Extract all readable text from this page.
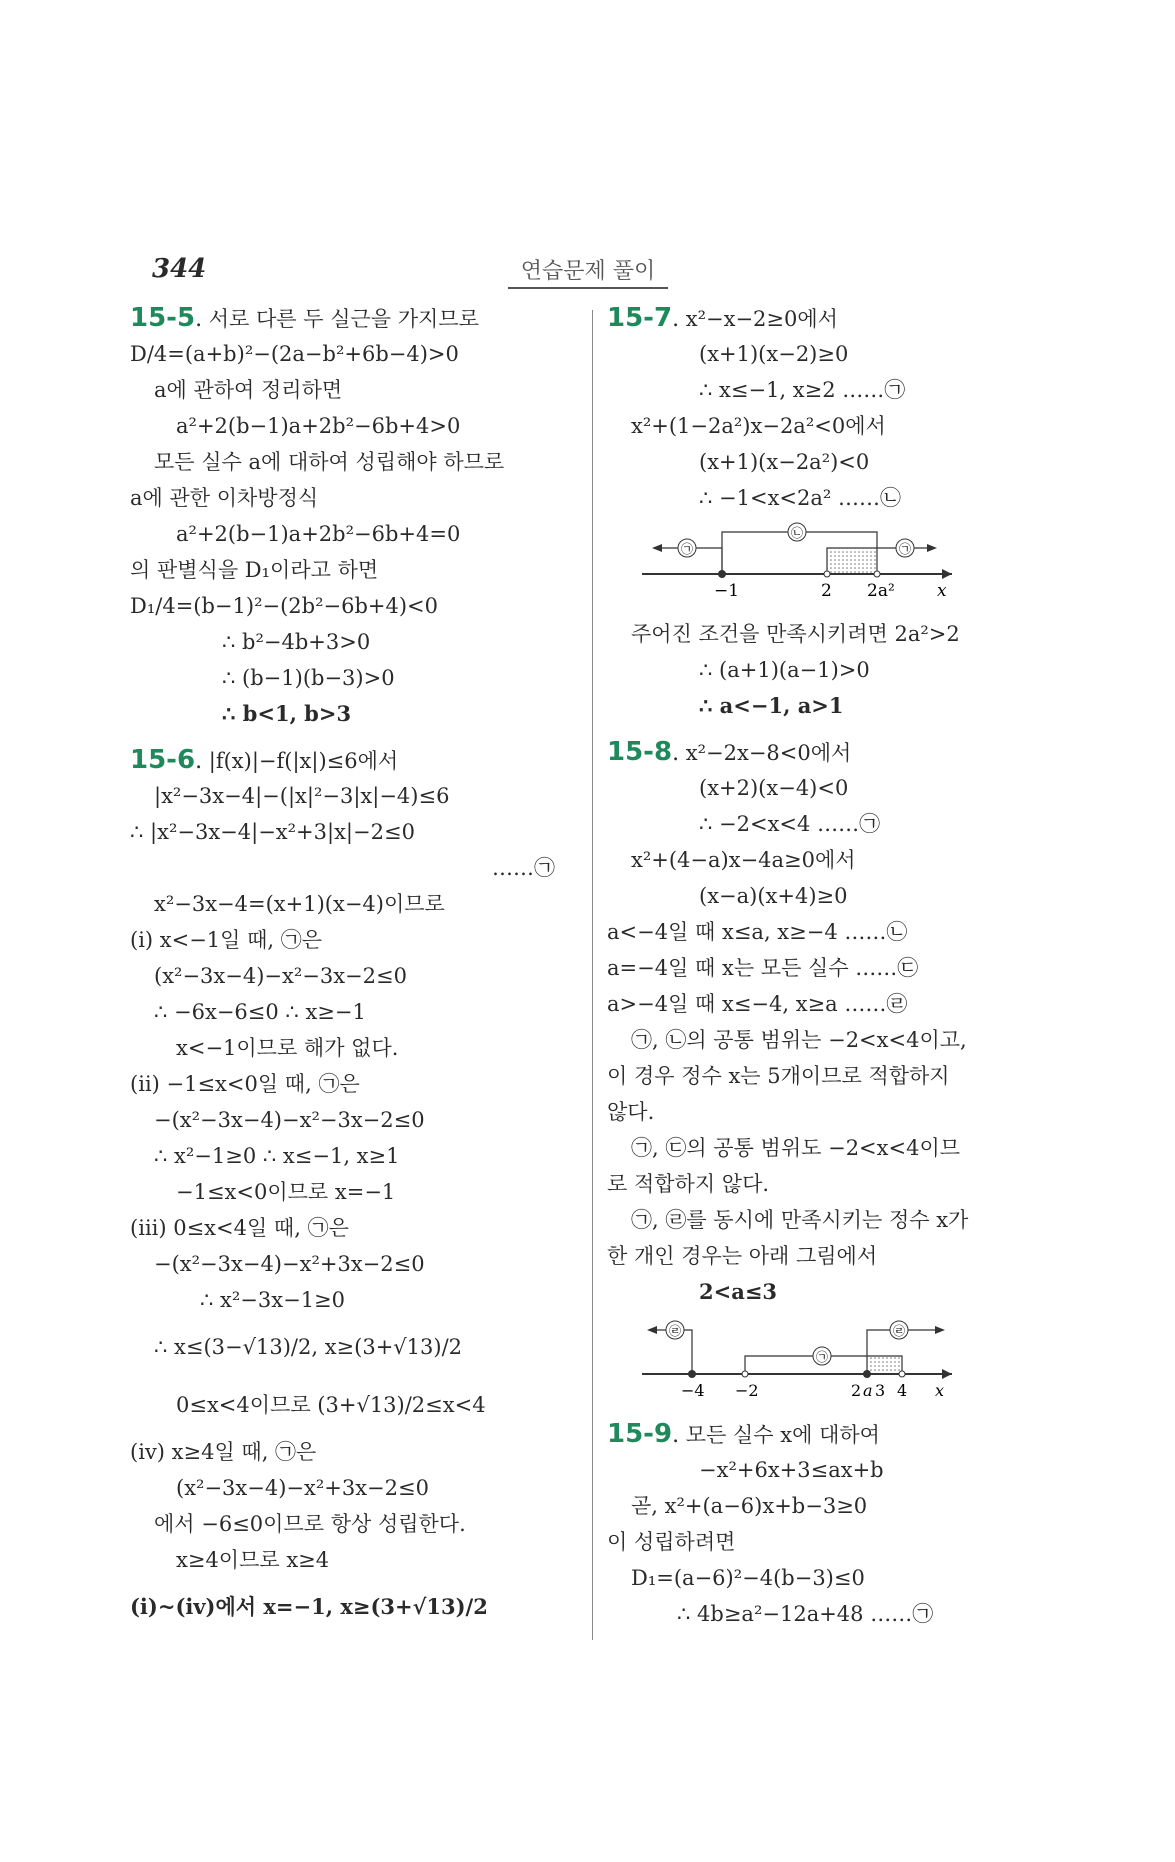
344	연습문제 풀이
15-5. 서로 다른 두 실근을 가지므로
D/4=(a+b)²−(2a−b²+6b−4)>0
a에 관하여 정리하면
a²+2(b−1)a+2b²−6b+4>0
모든 실수 a에 대하여 성립해야 하므로
a에 관한 이차방정식
a²+2(b−1)a+2b²−6b+4=0
의 판별식을 D₁이라고 하면
D₁/4=(b−1)²−(2b²−6b+4)<0
∴ b²−4b+3>0
∴ (b−1)(b−3)>0
∴ b<1, b>3
15-6. |f(x)|−f(|x|)≤6에서
|x²−3x−4|−(|x|²−3|x|−4)≤6
∴ |x²−3x−4|−x²+3|x|−2≤0
……㉠
x²−3x−4=(x+1)(x−4)이므로
(ⅰ) x<−1일 때, ㉠은
(x²−3x−4)−x²−3x−2≤0
∴ −6x−6≤0 ∴ x≥−1
x<−1이므로 해가 없다.
(ⅱ) −1≤x<0일 때, ㉠은
−(x²−3x−4)−x²−3x−2≤0
∴ x²−1≥0 ∴ x≤−1, x≥1
−1≤x<0이므로 x=−1
(ⅲ) 0≤x<4일 때, ㉠은
−(x²−3x−4)−x²+3x−2≤0
∴ x²−3x−1≥0
∴ x≤(3−√13)/2, x≥(3+√13)/2
0≤x<4이므로 (3+√13)/2≤x<4
(ⅳ) x≥4일 때, ㉠은
(x²−3x−4)−x²+3x−2≤0
에서 −6≤0이므로 항상 성립한다.
x≥4이므로 x≥4
(ⅰ)~(ⅳ)에서 x=−1, x≥(3+√13)/2
15-7. x²−x−2≥0에서
(x+1)(x−2)≥0
∴ x≤−1, x≥2 ……㉠
x²+(1−2a²)x−2a²<0에서
(x+1)(x−2a²)<0
∴ −1<x<2a² ……㉡
㉠
㉡
㉠
−1	2 2a² x
주어진 조건을 만족시키려면 2a²>2
∴ (a+1)(a−1)>0
∴ a<−1, a>1
15-8. x²−2x−8<0에서
(x+2)(x−4)<0
∴ −2<x<4 ……㉠
x²+(4−a)x−4a≥0에서
(x−a)(x+4)≥0
a<−4일 때 x≤a, x≥−4 ……㉡
a=−4일 때 x는 모든 실수 ……㉢
a>−4일 때 x≤−4, x≥a ……㉣
㉠, ㉡의 공통 범위는 −2<x<4이고,
이 경우 정수 x는 5개이므로 적합하지
않다.
㉠, ㉢의 공통 범위도 −2<x<4이므
로 적합하지 않다.
㉠, ㉣를 동시에 만족시키는 정수 x가
한 개인 경우는 아래 그림에서
2<a≤3
㉣
㉠
㉣
−4 −2	2 a 3 4 x
15-9. 모든 실수 x에 대하여
−x²+6x+3≤ax+b
곧, x²+(a−6)x+b−3≥0
이 성립하려면
D₁=(a−6)²−4(b−3)≤0
∴ 4b≥a²−12a+48 ……㉠
